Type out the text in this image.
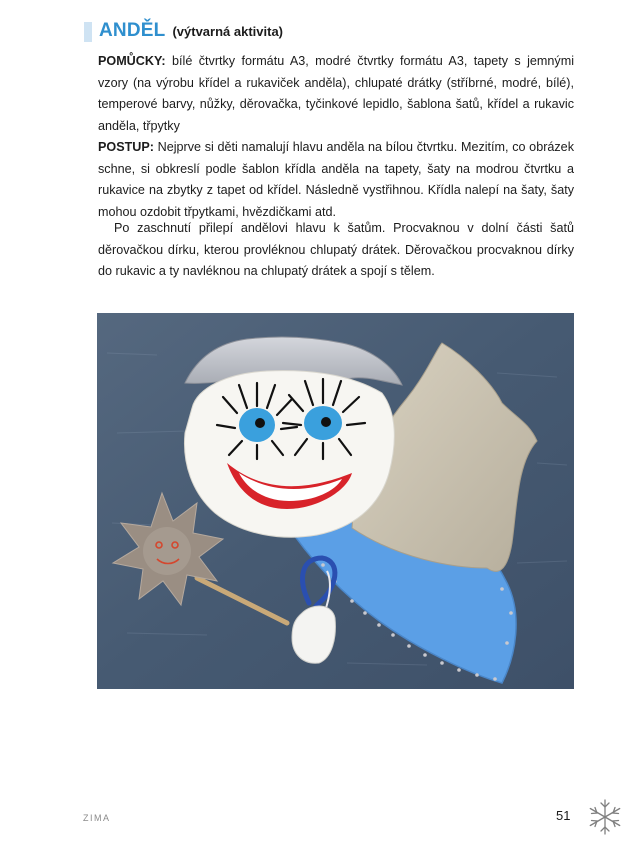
ANDĚL (výtvarná aktivita)

POMŮCKY: bílé čtvrtky formátu A3, modré čtvrtky formátu A3, tapety s jemnými vzory (na výrobu křídel a rukaviček anděla), chlupaté drátky (stříbrné, modré, bílé), temperové barvy, nůžky, děrovačka, tyčinkové lepidlo, šablona šatů, křídel a rukavic anděla, třpytky

POSTUP: Nejprve si děti namalují hlavu anděla na bílou čtvrtku. Mezitím, co obrázek schne, si obkreslí podle šablon křídla anděla na tapety, šaty na modrou čtvrtku a rukavice na zbytky z tapet od křídel. Následně vystřihnou. Křídla nalepí na šaty, šaty mohou ozdobit třpytkami, hvězdičkami atd.

Po zaschnutí přilepí andělovi hlavu k šatům. Procvaknou v dolní části šatů děrovačkou dírku, kterou provléknou chlupatý drátek. Děrovačkou procvaknou dírky do rukavic a ty navléknou na chlupatý drátek a spojí s tělem.

ZIMA	51
